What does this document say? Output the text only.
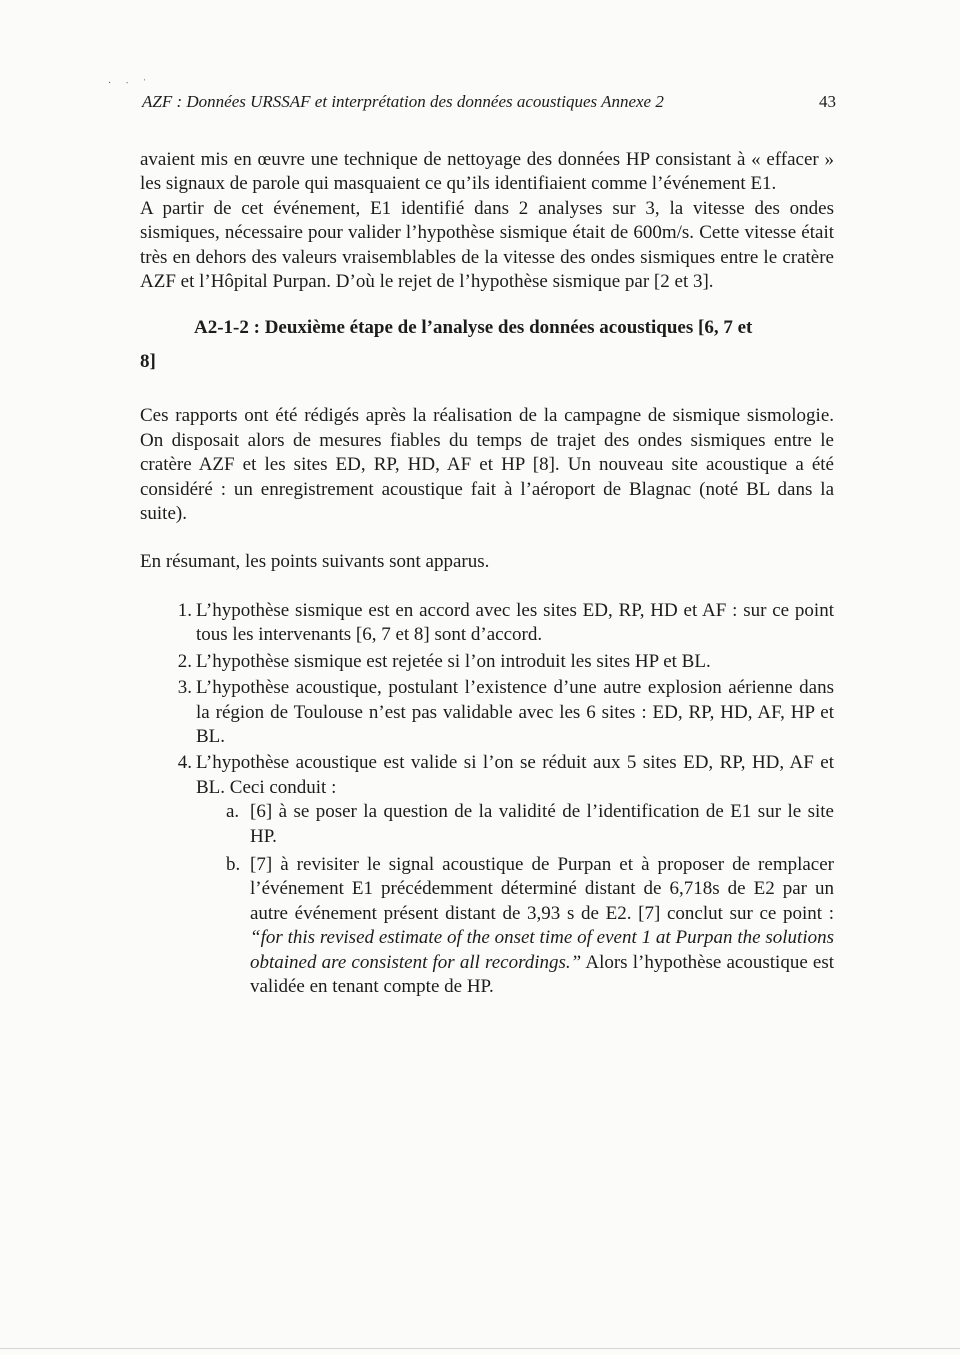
· ∙ ˈ
AZF : Données URSSAF et interprétation des données acoustiques Annexe 2	43

avaient mis en œuvre une technique de nettoyage des données HP consistant à « effacer » les signaux de parole qui masquaient ce qu’ils identifiaient comme l’événement E1.

A partir de cet événement, E1 identifié dans 2 analyses sur 3, la vitesse des ondes sismiques, nécessaire pour valider l’hypothèse sismique était de 600m/s. Cette vitesse était très en dehors des valeurs vraisemblables de la vitesse des ondes sismiques entre le cratère AZF et l’Hôpital Purpan. D’où le rejet de l’hypothèse sismique par [2 et 3].

A2-1-2 : Deuxième étape de l’analyse des données acoustiques [6, 7 et
8]

Ces rapports ont été rédigés après la réalisation de la campagne de sismique sismologie. On disposait alors de mesures fiables du temps de trajet des ondes sismiques entre le cratère AZF et les sites ED, RP, HD, AF et HP [8]. Un nouveau site acoustique a été considéré : un enregistrement acoustique fait à l’aéroport de Blagnac (noté BL dans la suite).

En résumant, les points suivants sont apparus.

1. L’hypothèse sismique est en accord avec les sites ED, RP, HD et AF : sur ce point tous les intervenants [6, 7 et 8] sont d’accord.
2. L’hypothèse sismique est rejetée si l’on introduit les sites HP et BL.
3. L’hypothèse acoustique, postulant l’existence d’une autre explosion aérienne dans la région de Toulouse n’est pas validable avec les 6 sites : ED, RP, HD, AF, HP et BL.
4. L’hypothèse acoustique est valide si l’on se réduit aux 5 sites ED, RP, HD, AF et BL. Ceci conduit :
a. [6] à se poser la question de la validité de l’identification de E1 sur le site HP.
b. [7] à revisiter le signal acoustique de Purpan et à proposer de remplacer l’événement E1 précédemment déterminé distant de 6,718s de E2 par un autre événement présent distant de 3,93 s de E2. [7] conclut sur ce point : “for this revised estimate of the onset time of event 1 at Purpan the solutions obtained are consistent for all recordings.” Alors l’hypothèse acoustique est validée en tenant compte de HP.
